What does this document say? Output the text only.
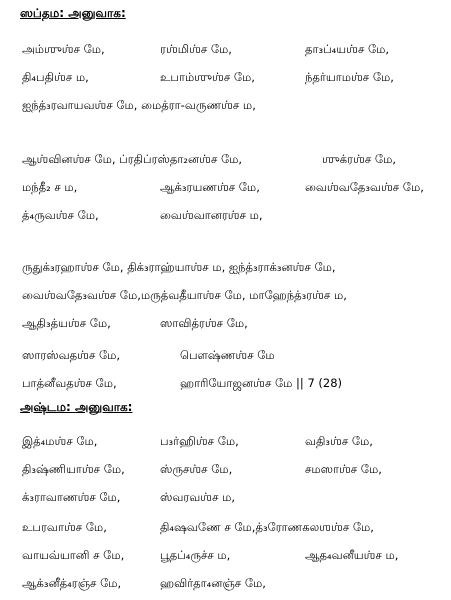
ஸப்தம: அனுவாக:
அம்ஶுஶ்ச மே,	ரஶ்மிஶ்ச மே,	தா₃ப்₄யஶ்ச மே,
தி₄பதிஶ்ச ம,	உபாம்ஶுஶ்ச மே,	ந்தர்யாமஶ்ச மே,
ஐந்த்₃ரவாயவஶ்ச மே, மைத்ரா-வருணஶ்ச ம,
ஆஶ்வினஶ்ச மே, ப்ரதிப்ரஸ்தா₂னஶ்ச மே,	ஶுக்ரஶ்ச மே,
மந்தீ₂ ச ம,	ஆக்₃ரயணஶ்ச மே,	வைஶ்வதே₃வஶ்ச மே,
த்₄ருவஶ்ச மே,	வைஶ்வானரஶ்ச ம,
ருதுக்₃ரஹாஶ்ச மே, திக்₃ராஹ்யாஶ்ச ம, ஐந்த்₃ராக்₃னஶ்ச மே,
வைஶ்வதே₃வஶ்ச மே,மருத்வதீயாஶ்ச மே, மாஹேந்த்₃ரஶ்ச ம,
ஆதி₃த்யஶ்ச மே,	ஸாவித்ரஶ்ச மே,
ஸாரஸ்வதஶ்ச மே,	பௌஷ்ணஶ்ச மே
பாத்னீவதஶ்ச மே,	ஹாரியோஜனஶ்ச மே || 7 (28)
அஷ்டம: அனுவாக:
இத்₄மஶ்ச மே,	ப₃ர்ஹிஶ்ச மே,	வதி₃ஶ்ச மே,
தி₃ஷ்ணியாஶ்ச மே,	ஸ்ருசஶ்ச மே,	சமஸாஶ்ச மே,
க்₃ராவாணஶ்ச மே,	ஸ்வரவஶ்ச ம,
உபரவாஶ்ச மே,	தி₄ஷவணே ச மே,த்₃ரோணகலஶஶ்ச மே,
வாயவ்யானி ச மே,	பூதப்₄ருச்ச ம,	ஆத₄வனீயஶ்ச ம,
ஆக்₃னீத்₄ரஞ்ச மே,	ஹவிர்தா₄னஞ்ச மே,
